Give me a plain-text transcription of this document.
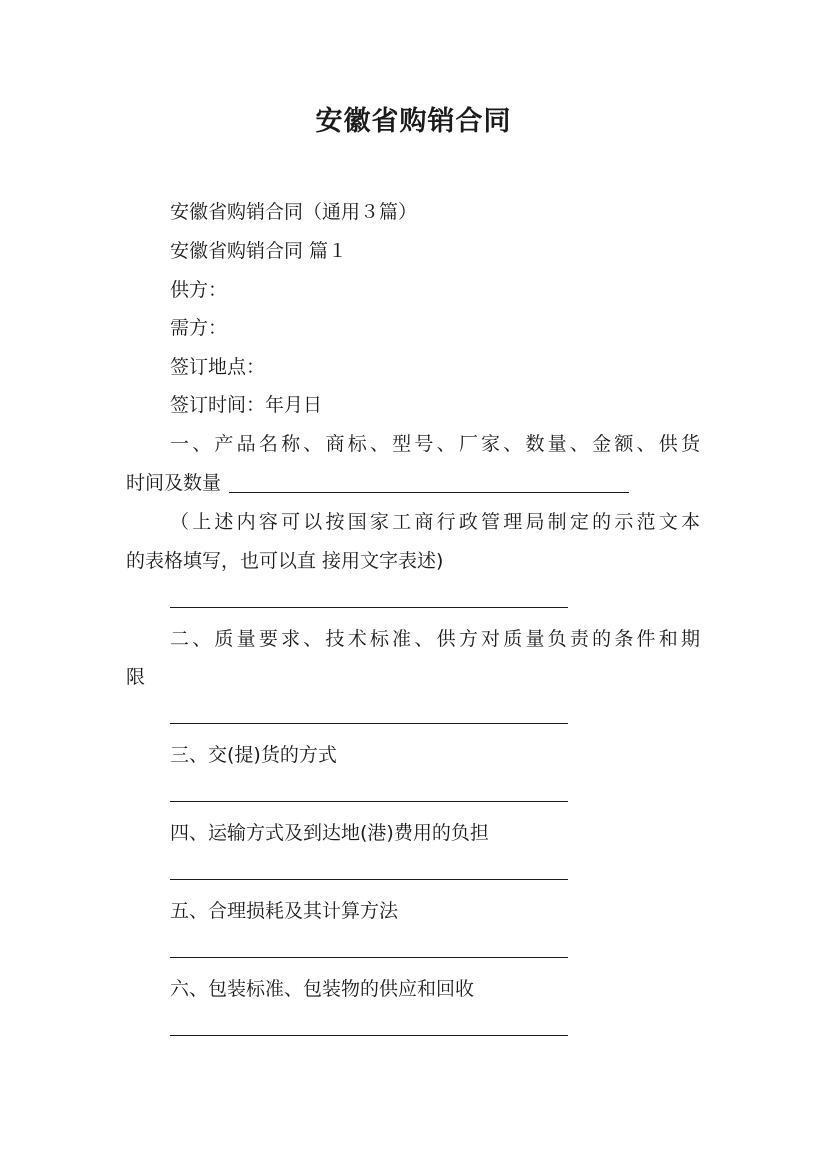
安徽省购销合同
安徽省购销合同（通用３篇）
安徽省购销合同 篇１
供方：
需方：
签订地点：
签订时间：年月日
一、产品名称、商标、型号、厂家、数量、金额、供货
时间及数量
（上述内容可以按国家工商行政管理局制定的示范文本
的表格填写，也可以直 接用文字表述)
二、质量要求、技术标准、供方对质量负责的条件和期
限
三、交(提)货的方式
四、运输方式及到达地(港)费用的负担
五、合理损耗及其计算方法
六、包装标准、包装物的供应和回收
